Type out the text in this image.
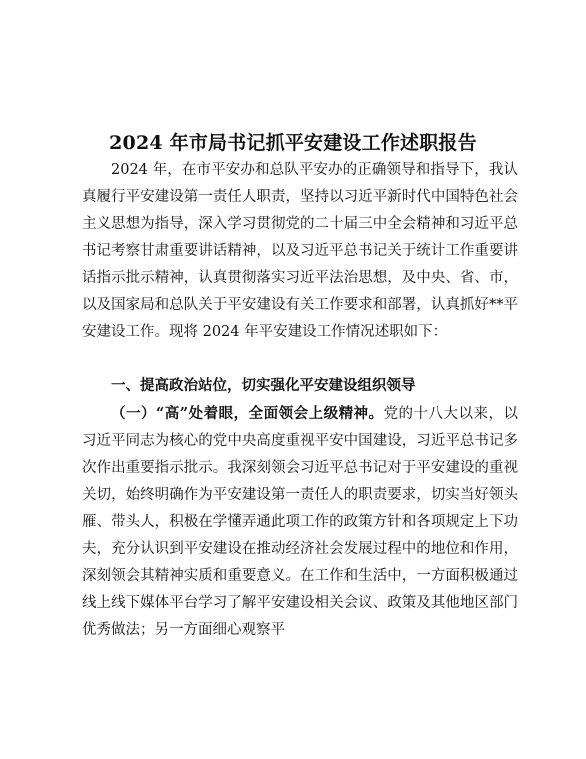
2024 年市局书记抓平安建设工作述职报告

2024 年，在市平安办和总队平安办的正确领导和指导下，我认真履行平安建设第一责任人职责，坚持以习近平新时代中国特色社会主义思想为指导，深入学习贯彻党的二十届三中全会精神和习近平总书记考察甘肃重要讲话精神，以及习近平总书记关于统计工作重要讲话指示批示精神，认真贯彻落实习近平法治思想，及中央、省、市，以及国家局和总队关于平安建设有关工作要求和部署，认真抓好**平安建设工作。现将 2024 年平安建设工作情况述职如下：

一、提高政治站位，切实强化平安建设组织领导

（一）“高”处着眼，全面领会上级精神。党的十八大以来，以习近平同志为核心的党中央高度重视平安中国建设，习近平总书记多次作出重要指示批示。我深刻领会习近平总书记对于平安建设的重视关切，始终明确作为平安建设第一责任人的职责要求，切实当好领头雁、带头人，积极在学懂弄通此项工作的政策方针和各项规定上下功夫，充分认识到平安建设在推动经济社会发展过程中的地位和作用，深刻领会其精神实质和重要意义。在工作和生活中，一方面积极通过线上线下媒体平台学习了解平安建设相关会议、政策及其他地区部门优秀做法；另一方面细心观察平
